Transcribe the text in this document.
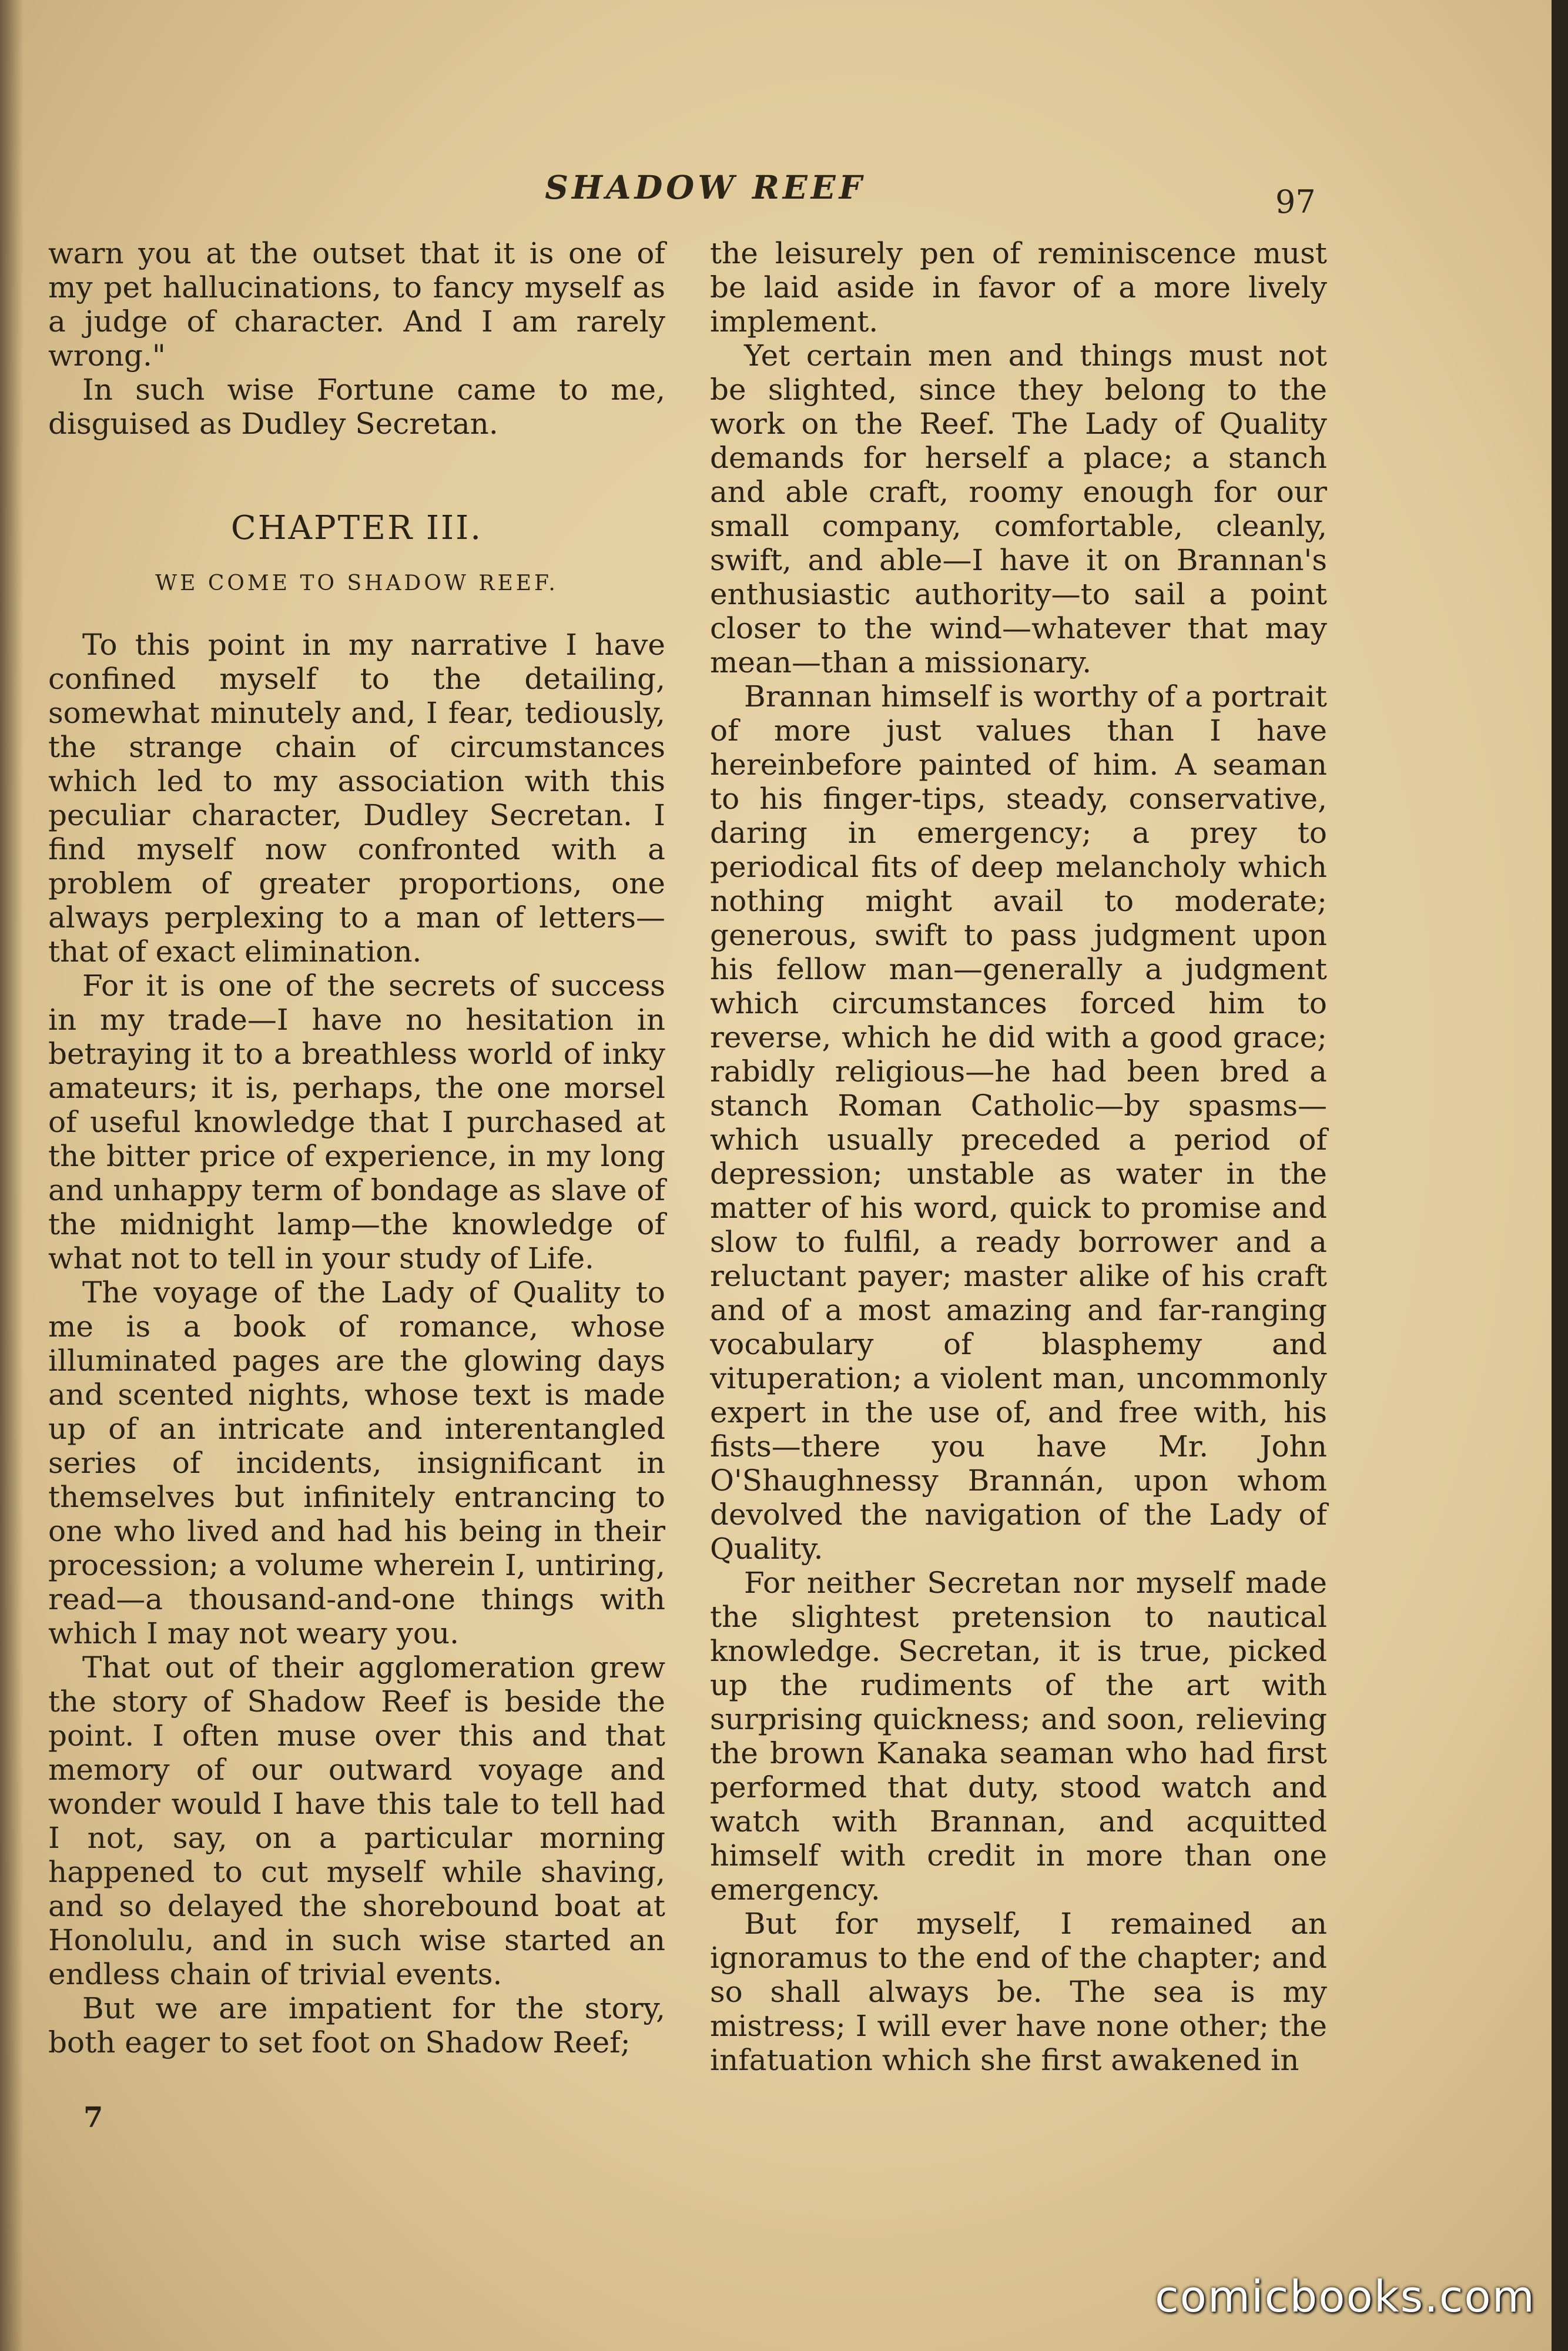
SHADOW REEF	97

warn you at the outset that it is one of my pet hallucinations, to fancy myself as a judge of character. And I am rarely wrong."

In such wise Fortune came to me, disguised as Dudley Secretan.

CHAPTER III.
WE COME TO SHADOW REEF.

To this point in my narrative I have confined myself to the detailing, somewhat minutely and, I fear, tediously, the strange chain of circumstances which led to my association with this peculiar character, Dudley Secretan. I find myself now confronted with a problem of greater proportions, one always perplexing to a man of letters—that of exact elimination.

For it is one of the secrets of success in my trade—I have no hesitation in betraying it to a breathless world of inky amateurs; it is, perhaps, the one morsel of useful knowledge that I purchased at the bitter price of experience, in my long and unhappy term of bondage as slave of the midnight lamp—the knowledge of what not to tell in your study of Life.

The voyage of the Lady of Quality to me is a book of romance, whose illuminated pages are the glowing days and scented nights, whose text is made up of an intricate and interentangled series of incidents, insignificant in themselves but infinitely entrancing to one who lived and had his being in their procession; a volume wherein I, untiring, read—a thousand-and-one things with which I may not weary you.

That out of their agglomeration grew the story of Shadow Reef is beside the point. I often muse over this and that memory of our outward voyage and wonder would I have this tale to tell had I not, say, on a particular morning happened to cut myself while shaving, and so delayed the shorebound boat at Honolulu, and in such wise started an endless chain of trivial events.

But we are impatient for the story, both eager to set foot on Shadow Reef;

the leisurely pen of reminiscence must be laid aside in favor of a more lively implement.

Yet certain men and things must not be slighted, since they belong to the work on the Reef. The Lady of Quality demands for herself a place; a stanch and able craft, roomy enough for our small company, comfortable, cleanly, swift, and able—I have it on Brannan's enthusiastic authority—to sail a point closer to the wind—whatever that may mean—than a missionary.

Brannan himself is worthy of a portrait of more just values than I have hereinbefore painted of him. A seaman to his finger-tips, steady, conservative, daring in emergency; a prey to periodical fits of deep melancholy which nothing might avail to moderate; generous, swift to pass judgment upon his fellow man—generally a judgment which circumstances forced him to reverse, which he did with a good grace; rabidly religious—he had been bred a stanch Roman Catholic—by spasms—which usually preceded a period of depression; unstable as water in the matter of his word, quick to promise and slow to fulfil, a ready borrower and a reluctant payer; master alike of his craft and of a most amazing and far-ranging vocabulary of blasphemy and vituperation; a violent man, uncommonly expert in the use of, and free with, his fists—there you have Mr. John O'Shaughnessy Brannán, upon whom devolved the navigation of the Lady of Quality.

For neither Secretan nor myself made the slightest pretension to nautical knowledge. Secretan, it is true, picked up the rudiments of the art with surprising quickness; and soon, relieving the brown Kanaka seaman who had first performed that duty, stood watch and watch with Brannan, and acquitted himself with credit in more than one emergency.

But for myself, I remained an ignoramus to the end of the chapter; and so shall always be. The sea is my mistress; I will ever have none other; the infatuation which she first awakened in

7
comicbooks.com
